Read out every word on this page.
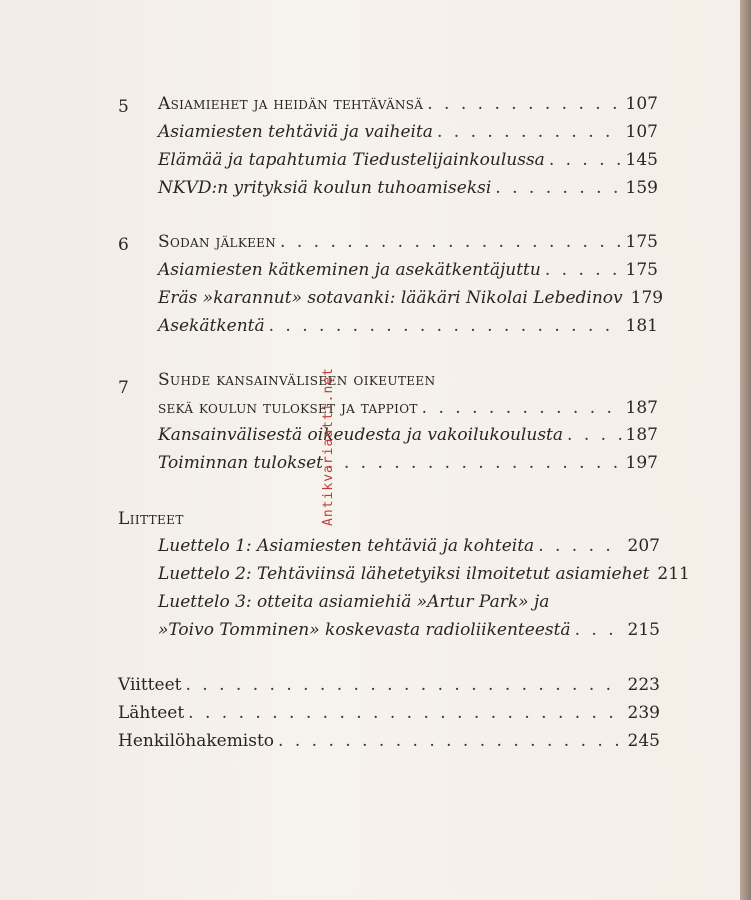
5 Asiamiehet ja heidän tehtävänsä . . .	107
Asiamiesten tehtäviä ja vaiheita . . .	107
Elämää ja tapahtumia Tiedustelijainkoulussa . . .	145
NKVD:n yrityksiä koulun tuhoamiseksi . . .	159
6 Sodan jälkeen . . .	175
Asiamiesten kätkeminen ja asekätkentäjuttu . . .	175
Eräs »karannut» sotavanki: lääkäri Nikolai Lebedinov 179
Asekätkentä . . .	181
7 Suhde kansainväliseen oikeuteen
sekä koulun tulokset ja tappiot . . .	187
Kansainvälisestä oikeudesta ja vakoilukoulusta . . .	187
Toiminnan tulokset . . .	197
Liitteet
Luettelo 1: Asiamiesten tehtäviä ja kohteita . . .	207
Luettelo 2: Tehtäviinsä lähetetyiksi ilmoitetut asiamiehet 211
Luettelo 3: otteita asiamiehiä »Artur Park» ja
»Toivo Tomminen» koskevasta radioliikenteestä . . .	215
Viitteet . . .	223
Lähteet . . .	239
Henkilöhakemisto . . .	245
Antikvariaatti.net
